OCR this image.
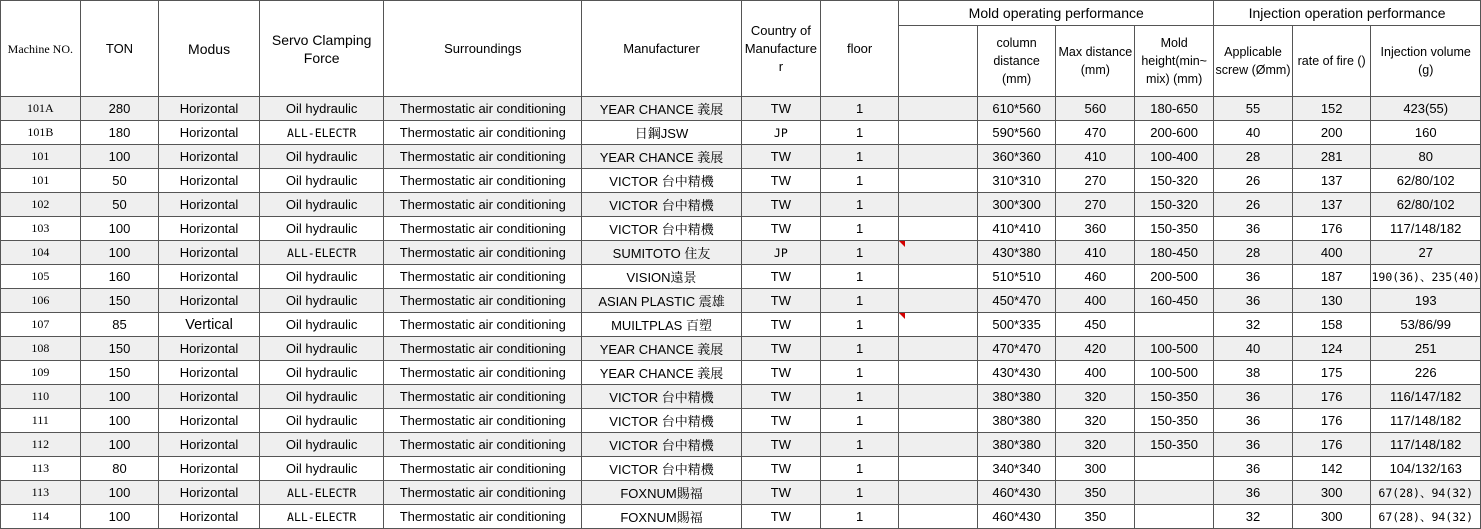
Machine NO.	TON	Modus	Servo Clamping Force	Surroundings	Manufacturer	Country of Manufacture r	floor	Mold operating performance				Injection operation performance		
									column distance (mm)	Max distance (mm)	Mold height(min~ mix) (mm)	Applicable screw (Ømm)	rate of fire ()	Injection volume (g)
101A	280	Horizontal	Oil hydraulic	Thermostatic air conditioning	YEAR CHANCE 義展	TW	1		610*560	560	180-650	55	152	423(55)
101B	180	Horizontal	ALL-ELECTR	Thermostatic air conditioning	日鋼JSW	JP	1		590*560	470	200-600	40	200	160
101	100	Horizontal	Oil hydraulic	Thermostatic air conditioning	YEAR CHANCE 義展	TW	1		360*360	410	100-400	28	281	80
101	50	Horizontal	Oil hydraulic	Thermostatic air conditioning	VICTOR 台中精機	TW	1		310*310	270	150-320	26	137	62/80/102
102	50	Horizontal	Oil hydraulic	Thermostatic air conditioning	VICTOR 台中精機	TW	1		300*300	270	150-320	26	137	62/80/102
103	100	Horizontal	Oil hydraulic	Thermostatic air conditioning	VICTOR 台中精機	TW	1		410*410	360	150-350	36	176	117/148/182
104	100	Horizontal	ALL-ELECTR	Thermostatic air conditioning	SUMITOTO 住友	JP	1		430*380	410	180-450	28	400	27
105	160	Horizontal	Oil hydraulic	Thermostatic air conditioning	VISION遠景	TW	1		510*510	460	200-500	36	187	190(36)、235(40)
106	150	Horizontal	Oil hydraulic	Thermostatic air conditioning	ASIAN PLASTIC 震雄	TW	1		450*470	400	160-450	36	130	193
107	85	Vertical	Oil hydraulic	Thermostatic air conditioning	MUILTPLAS 百塑	TW	1		500*335	450		32	158	53/86/99
108	150	Horizontal	Oil hydraulic	Thermostatic air conditioning	YEAR CHANCE 義展	TW	1		470*470	420	100-500	40	124	251
109	150	Horizontal	Oil hydraulic	Thermostatic air conditioning	YEAR CHANCE 義展	TW	1		430*430	400	100-500	38	175	226
110	100	Horizontal	Oil hydraulic	Thermostatic air conditioning	VICTOR 台中精機	TW	1		380*380	320	150-350	36	176	116/147/182
111	100	Horizontal	Oil hydraulic	Thermostatic air conditioning	VICTOR 台中精機	TW	1		380*380	320	150-350	36	176	117/148/182
112	100	Horizontal	Oil hydraulic	Thermostatic air conditioning	VICTOR 台中精機	TW	1		380*380	320	150-350	36	176	117/148/182
113	80	Horizontal	Oil hydraulic	Thermostatic air conditioning	VICTOR 台中精機	TW	1		340*340	300		36	142	104/132/163
113	100	Horizontal	ALL-ELECTR	Thermostatic air conditioning	FOXNUM賜福	TW	1		460*430	350		36	300	67(28)、94(32)
114	100	Horizontal	ALL-ELECTR	Thermostatic air conditioning	FOXNUM賜福	TW	1		460*430	350		32	300	67(28)、94(32)
